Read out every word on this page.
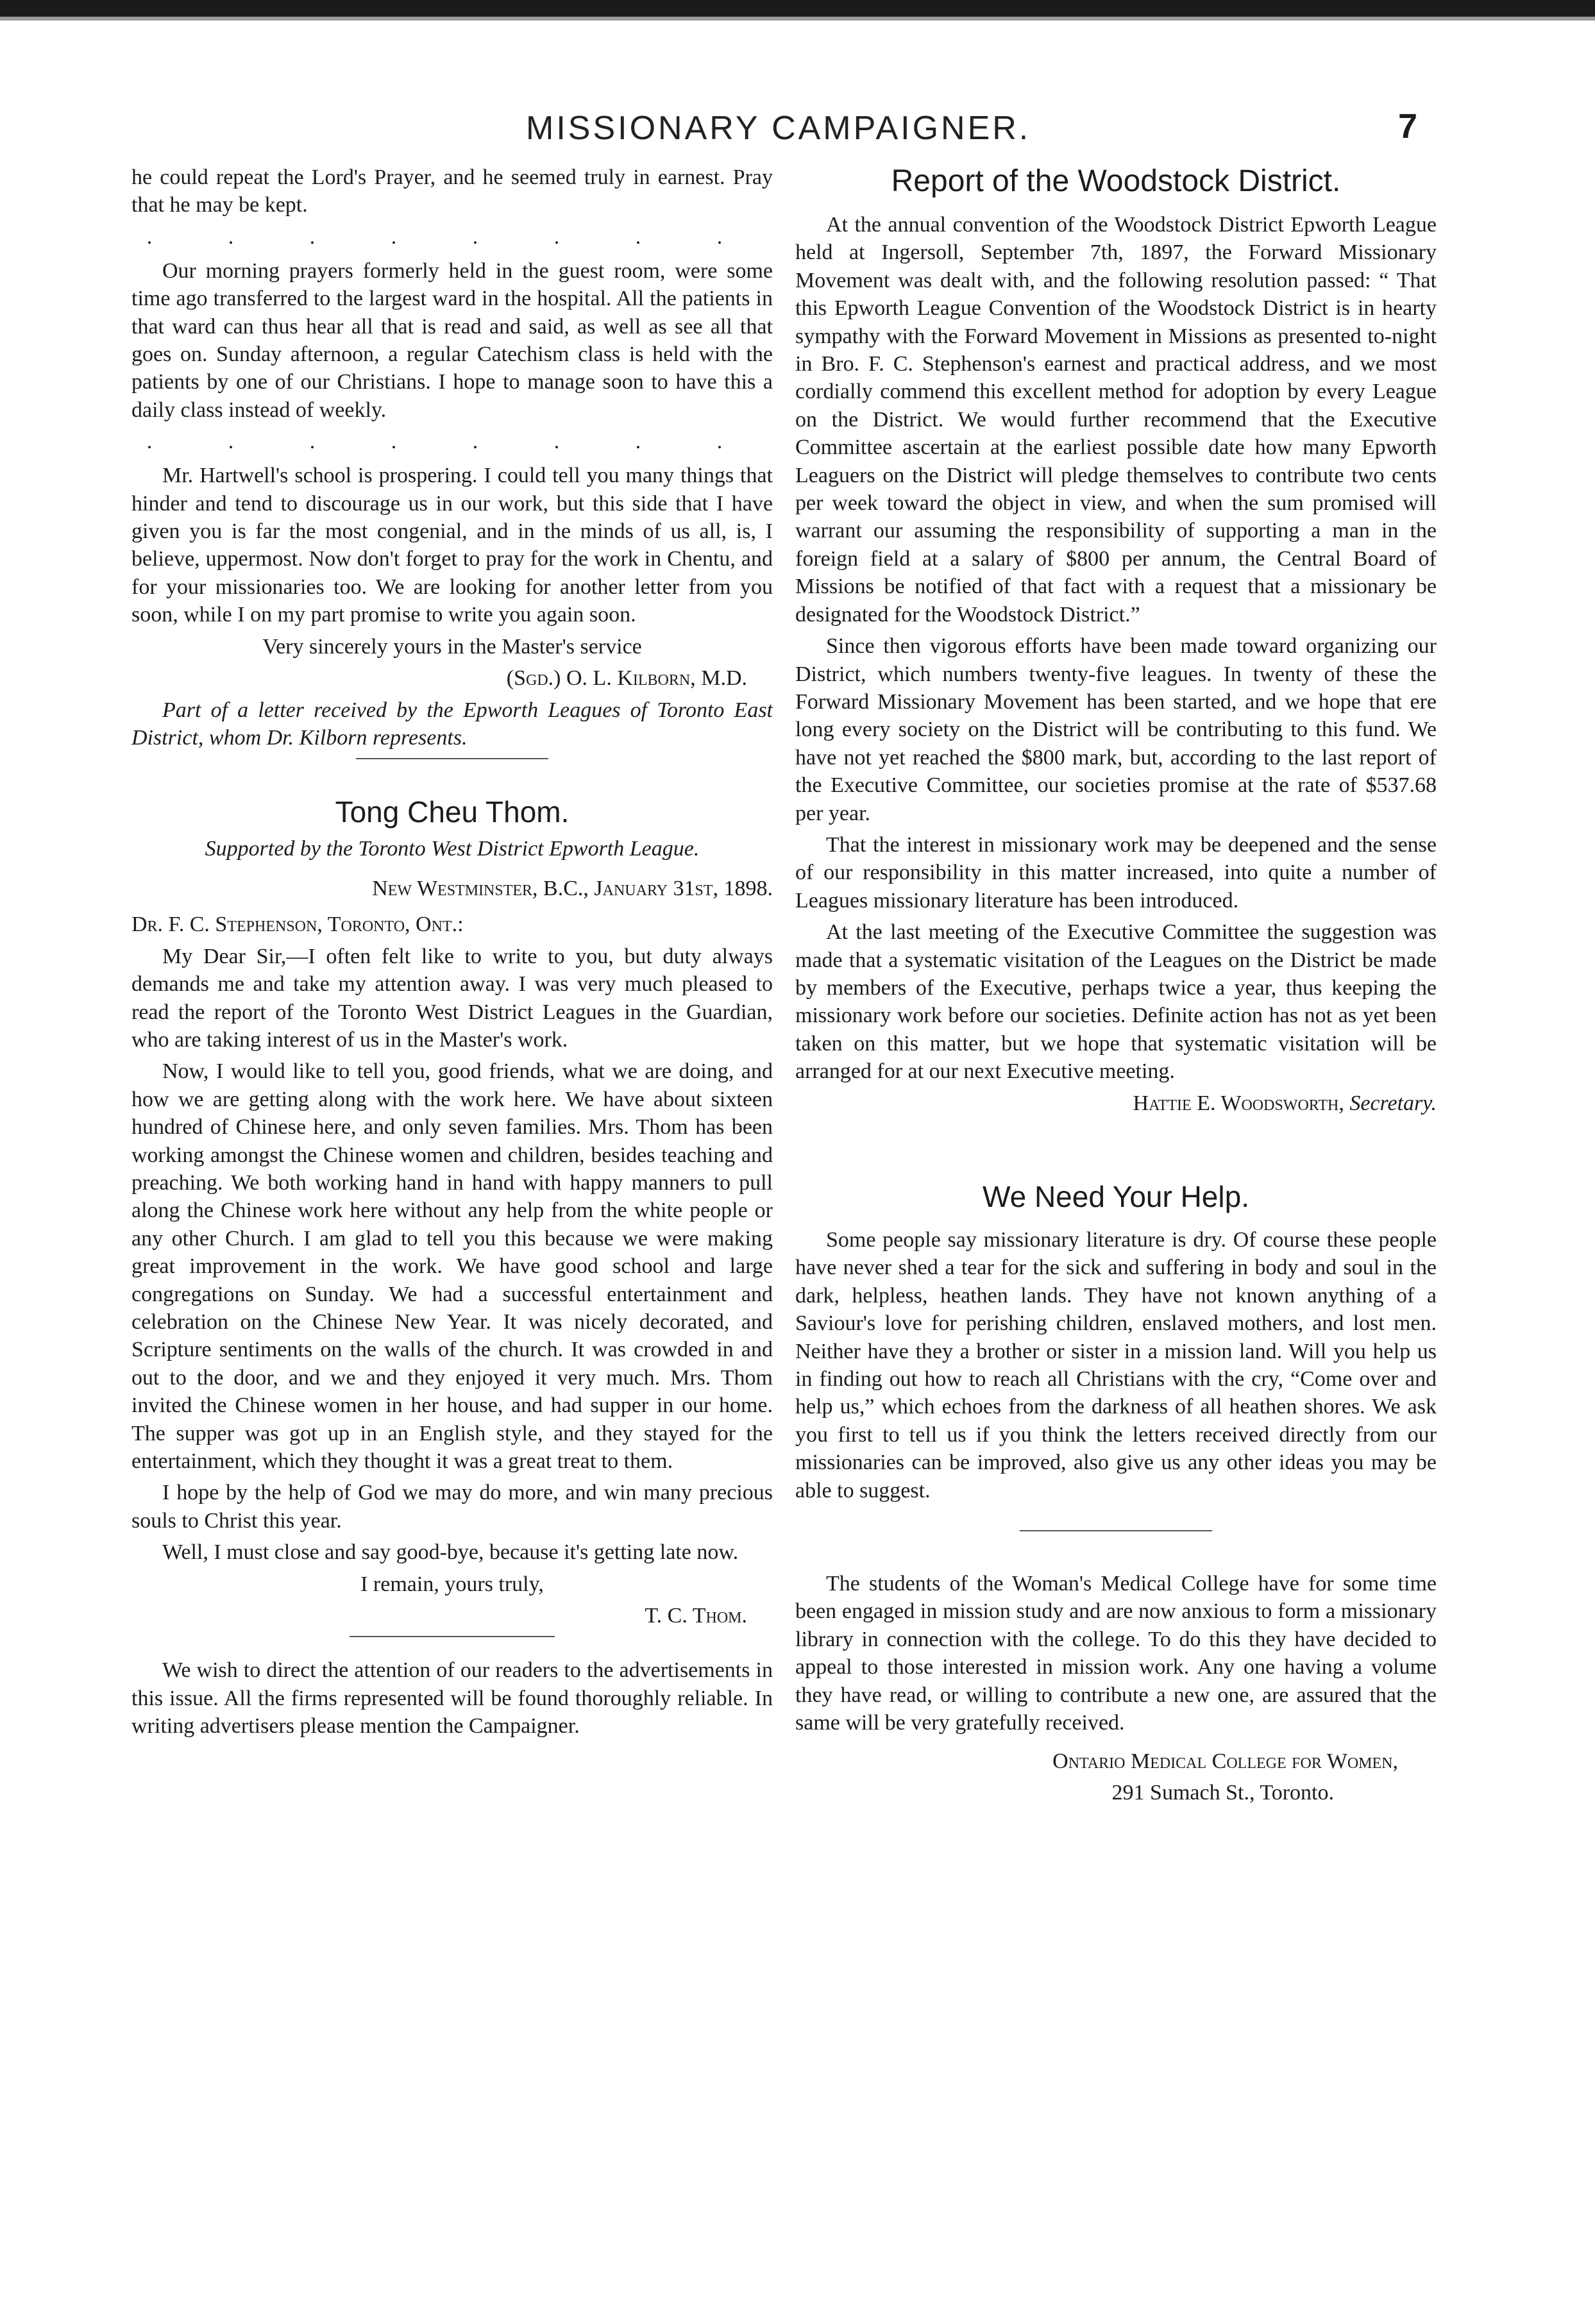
MISSIONARY CAMPAIGNER.	7

he could repeat the Lord's Prayer, and he seemed truly in earnest. Pray that he may be kept.

. . . . . . . .

Our morning prayers formerly held in the guest room, were some time ago transferred to the largest ward in the hospital. All the patients in that ward can thus hear all that is read and said, as well as see all that goes on. Sunday afternoon, a regular Catechism class is held with the patients by one of our Christians. I hope to manage soon to have this a daily class instead of weekly.

. . . . . . . .

Mr. Hartwell's school is prospering. I could tell you many things that hinder and tend to discourage us in our work, but this side that I have given you is far the most congenial, and in the minds of us all, is, I believe, uppermost. Now don't forget to pray for the work in Chentu, and for your missionaries too. We are looking for another letter from you soon, while I on my part promise to write you again soon.

Very sincerely yours in the Master's service

(Sgd.) O. L. Kilborn, M.D.

Part of a letter received by the Epworth Leagues of Toronto East District, whom Dr. Kilborn represents.

Tong Cheu Thom.
Supported by the Toronto West District Epworth League.
New Westminster, B.C., January 31st, 1898.

Dr. F. C. Stephenson, Toronto, Ont.:

My Dear Sir,—I often felt like to write to you, but duty always demands me and take my attention away. I was very much pleased to read the report of the Toronto West District Leagues in the Guardian, who are taking interest of us in the Master's work.

Now, I would like to tell you, good friends, what we are doing, and how we are getting along with the work here. We have about sixteen hundred of Chinese here, and only seven families. Mrs. Thom has been working amongst the Chinese women and children, besides teaching and preaching. We both working hand in hand with happy manners to pull along the Chinese work here without any help from the white people or any other Church. I am glad to tell you this because we were making great improvement in the work. We have good school and large congregations on Sunday. We had a successful entertainment and celebration on the Chinese New Year. It was nicely decorated, and Scripture sentiments on the walls of the church. It was crowded in and out to the door, and we and they enjoyed it very much. Mrs. Thom invited the Chinese women in her house, and had supper in our home. The supper was got up in an English style, and they stayed for the entertainment, which they thought it was a great treat to them.

I hope by the help of God we may do more, and win many precious souls to Christ this year.

Well, I must close and say good-bye, because it's getting late now.

I remain, yours truly,

T. C. Thom.

We wish to direct the attention of our readers to the advertisements in this issue. All the firms represented will be found thoroughly reliable. In writing advertisers please mention the Campaigner.

Report of the Woodstock District.

At the annual convention of the Woodstock District Epworth League held at Ingersoll, September 7th, 1897, the Forward Missionary Movement was dealt with, and the following resolution passed: “ That this Epworth League Convention of the Woodstock District is in hearty sympathy with the Forward Movement in Missions as presented to-night in Bro. F. C. Stephenson's earnest and practical address, and we most cordially commend this excellent method for adoption by every League on the District. We would further recommend that the Executive Committee ascertain at the earliest possible date how many Epworth Leaguers on the District will pledge themselves to contribute two cents per week toward the object in view, and when the sum promised will warrant our assuming the responsibility of supporting a man in the foreign field at a salary of $800 per annum, the Central Board of Missions be notified of that fact with a request that a missionary be designated for the Woodstock District.”

Since then vigorous efforts have been made toward organizing our District, which numbers twenty-five leagues. In twenty of these the Forward Missionary Movement has been started, and we hope that ere long every society on the District will be contributing to this fund. We have not yet reached the $800 mark, but, according to the last report of the Executive Committee, our societies promise at the rate of $537.68 per year.

That the interest in missionary work may be deepened and the sense of our responsibility in this matter increased, into quite a number of Leagues missionary literature has been introduced.

At the last meeting of the Executive Committee the suggestion was made that a systematic visitation of the Leagues on the District be made by members of the Executive, perhaps twice a year, thus keeping the missionary work before our societies. Definite action has not as yet been taken on this matter, but we hope that systematic visitation will be arranged for at our next Executive meeting.

Hattie E. Woodsworth, Secretary.

We Need Your Help.

Some people say missionary literature is dry. Of course these people have never shed a tear for the sick and suffering in body and soul in the dark, helpless, heathen lands. They have not known anything of a Saviour's love for perishing children, enslaved mothers, and lost men. Neither have they a brother or sister in a mission land. Will you help us in finding out how to reach all Christians with the cry, “Come over and help us,” which echoes from the darkness of all heathen shores. We ask you first to tell us if you think the letters received directly from our missionaries can be improved, also give us any other ideas you may be able to suggest.

The students of the Woman's Medical College have for some time been engaged in mission study and are now anxious to form a missionary library in connection with the college. To do this they have decided to appeal to those interested in mission work. Any one having a volume they have read, or willing to contribute a new one, are assured that the same will be very gratefully received.

Ontario Medical College for Women,

291 Sumach St., Toronto.
